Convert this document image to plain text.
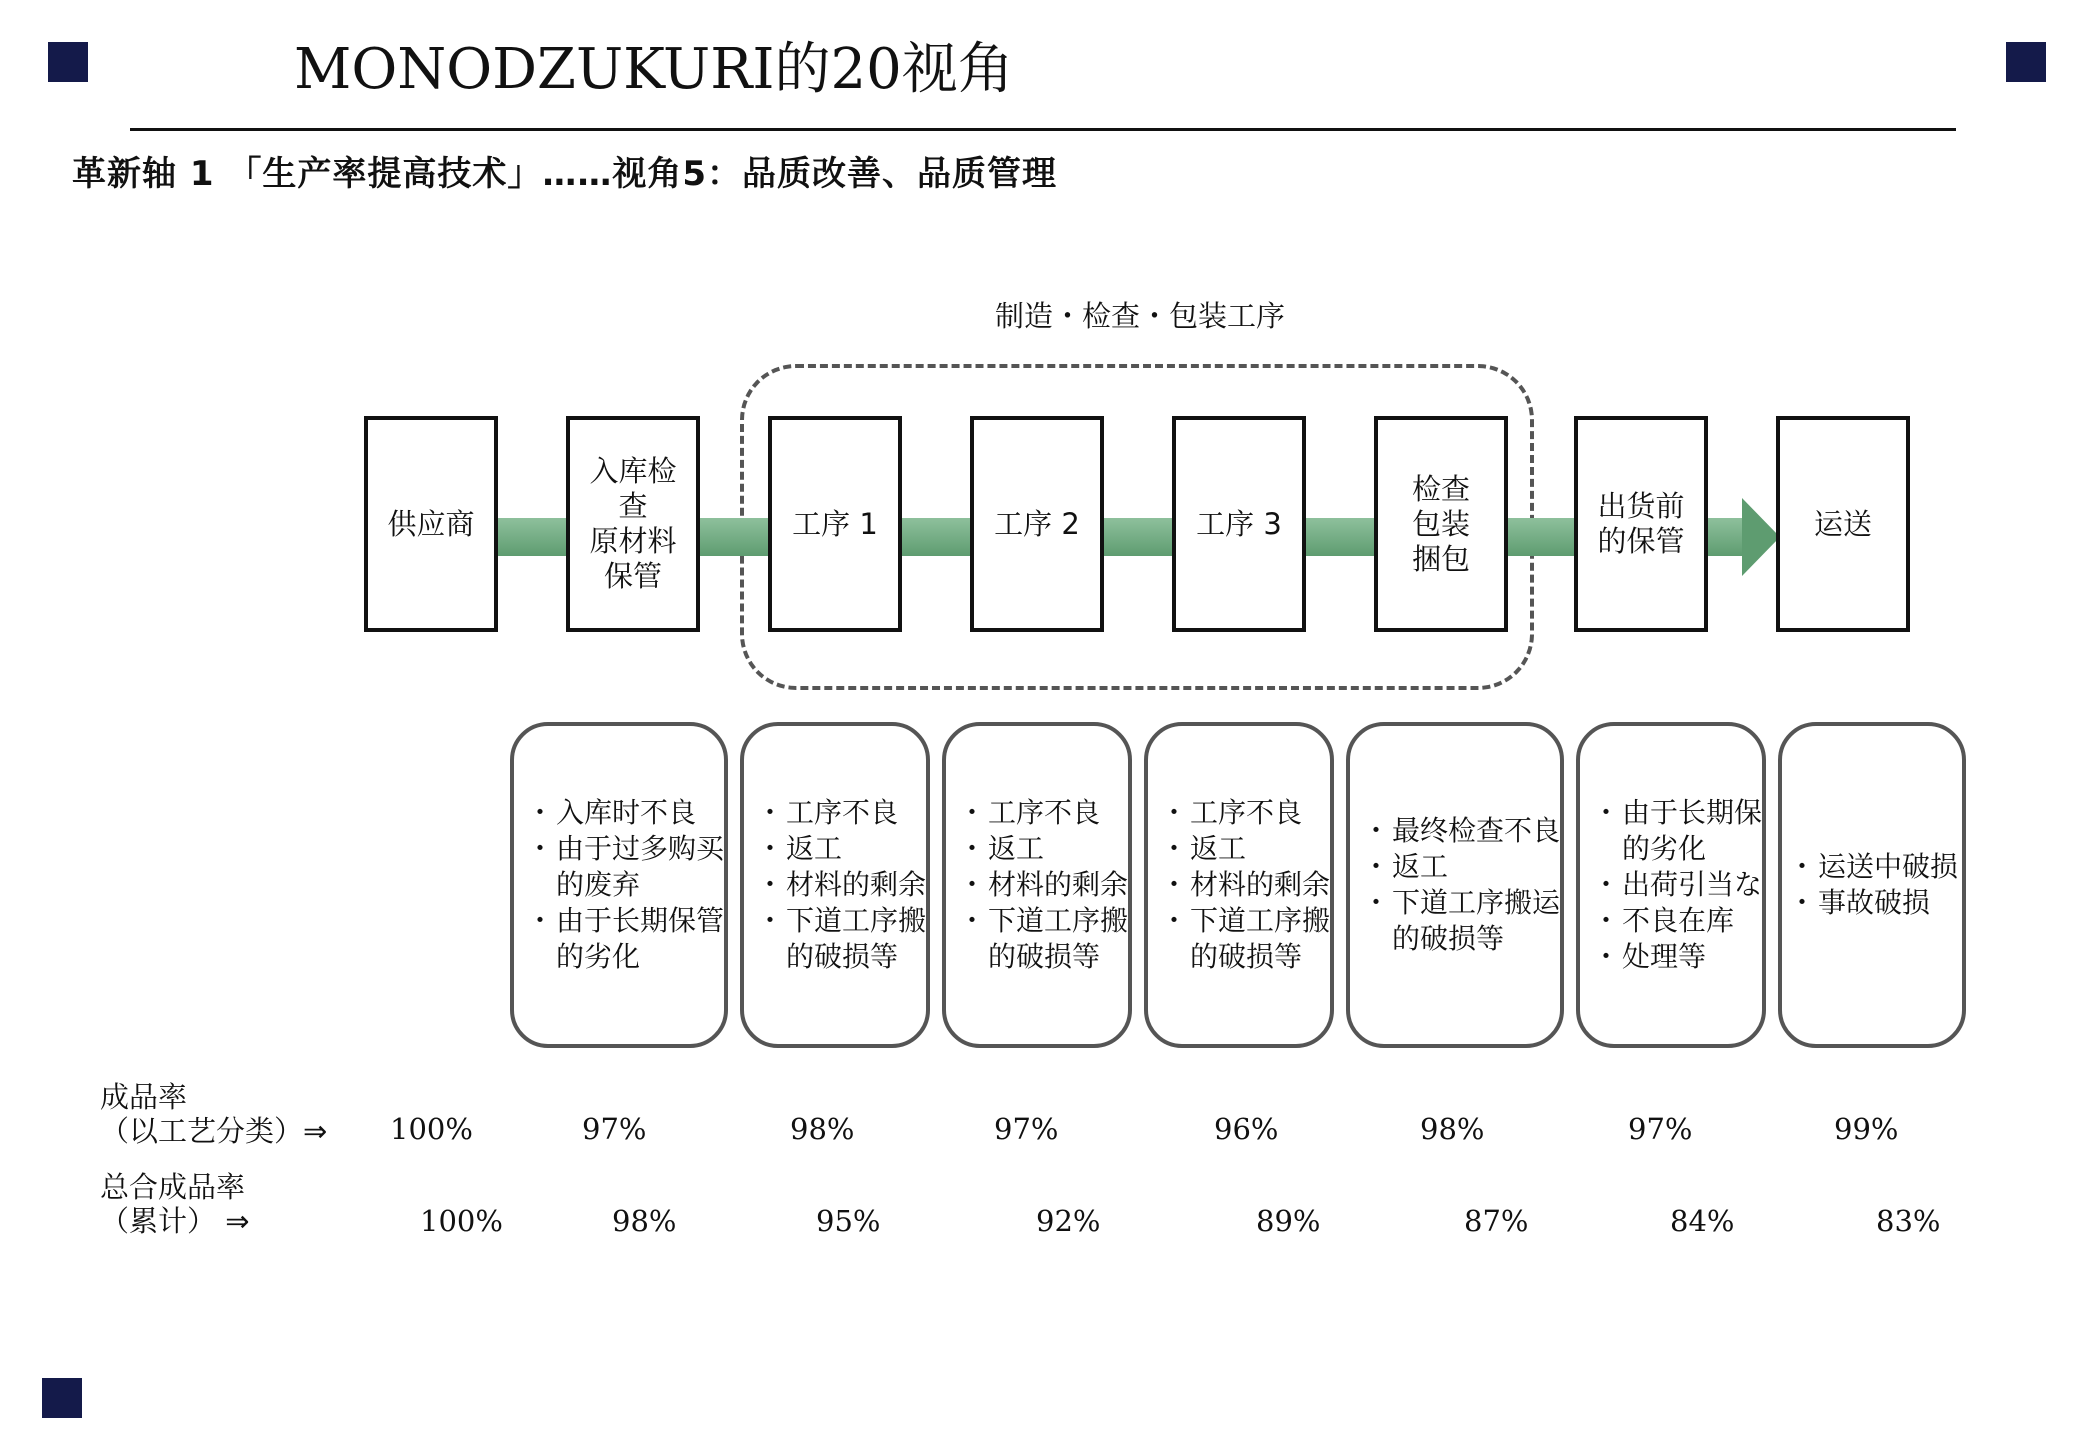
MONODZUKURI的20视角
革新轴 1 「生产率提高技术」……视角5：品质改善、品质管理
制造・检查・包装工序
供应商
入库检
查
原材料
保管
工序 1	工序 2	工序 3
检查
包装
捆包
出货前
的保管
运送
・ 入库时不良
・ 由于过多购买
的废弃
・ 由于长期保管
的劣化
・ 工序不良
・ 返工
・ 材料的剩余
・ 下道工序搬
的破损等
・ 工序不良
・ 返工
・ 材料的剩余
・ 下道工序搬
的破损等
・ 工序不良
・ 返工
・ 材料的剩余
・ 下道工序搬
的破损等
・ 最终检查不良
・ 返工
・ 下道工序搬运
的破损等
・ 由于长期保
的劣化
・ 出荷引当な
・ 不良在库
・ 处理等
・ 运送中破损
・ 事故破损
成品率
（以工艺分类）⇒ 100%	97%	98%	97%	96%	98%	97%	99%
总合成品率
（累计） ⇒	100%	98%	95%	92%	89%	87%	84%	83%
